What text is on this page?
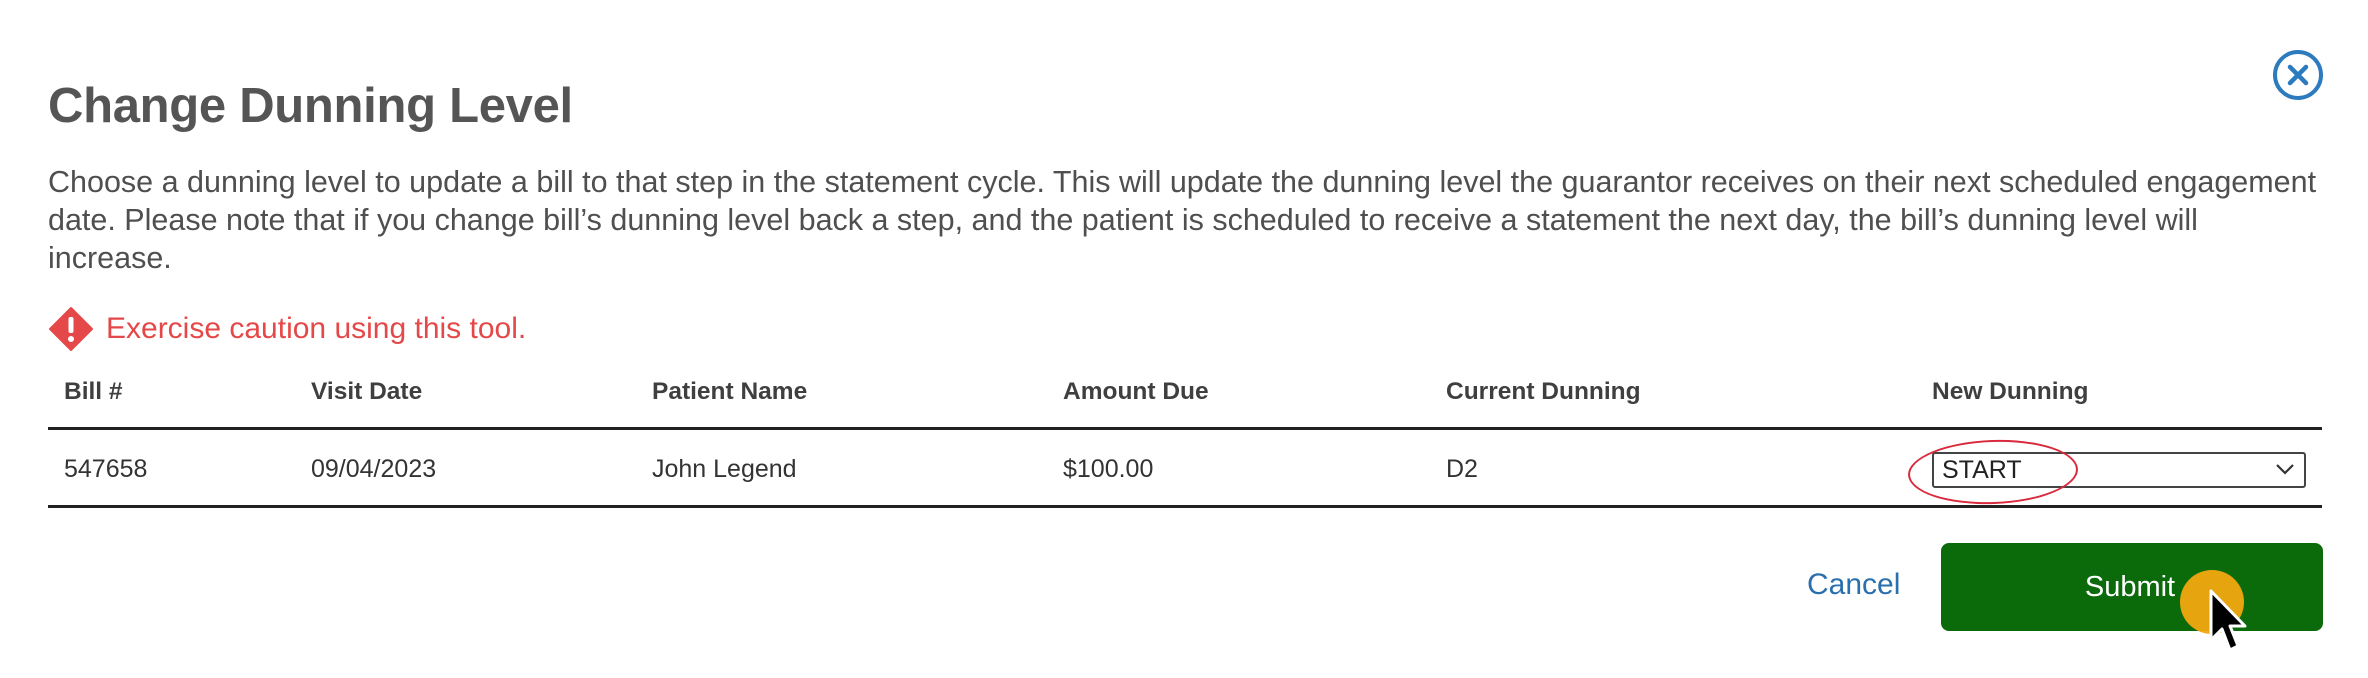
Change Dunning Level

Choose a dunning level to update a bill to that step in the statement cycle. This will update the dunning level the guarantor receives on their next scheduled engagement date. Please note that if you change bill’s dunning level back a step, and the patient is scheduled to receive a statement the next day, the bill’s dunning level will increase.

Exercise caution using this tool.
Bill #	Visit Date	Patient Name	Amount Due	Current Dunning	New Dunning
547658	09/04/2023	John Legend	$100.00	D2	START
Cancel	Submit
